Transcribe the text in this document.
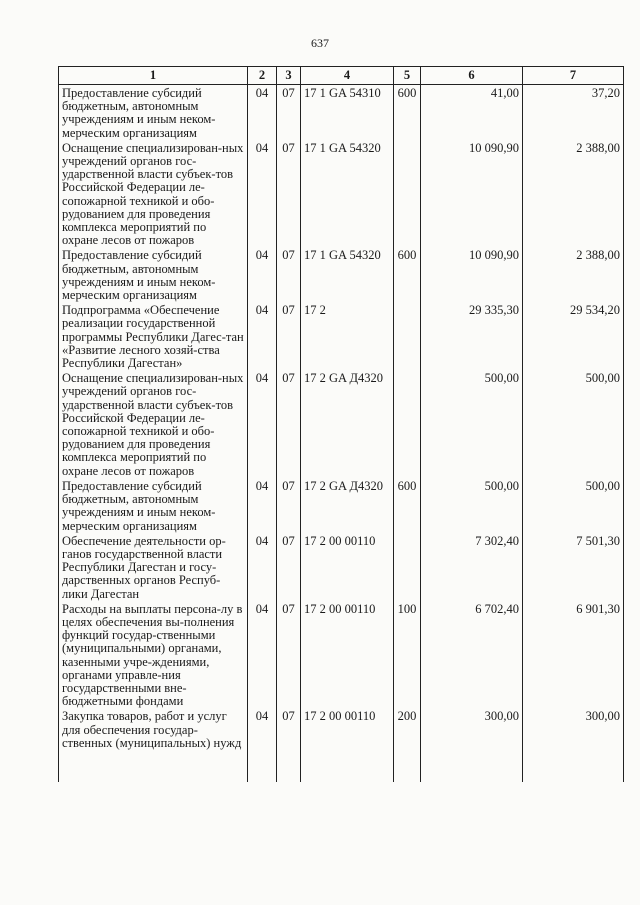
637
1	2	3	4	5	6	7
Предоставление субсидий бюджетным, автономным учреждениям и иным неком-мерческим организациям	04	07	17 1 GA 54310	600	41,00	37,20
Оснащение специализирован-ных учреждений органов гос-ударственной власти субъек-тов Российской Федерации ле-сопожарной техникой и обо-рудованием для проведения комплекса мероприятий по охране лесов от пожаров	04	07	17 1 GA 54320		10 090,90	2 388,00
Предоставление субсидий бюджетным, автономным учреждениям и иным неком-мерческим организациям	04	07	17 1 GA 54320	600	10 090,90	2 388,00
Подпрограмма «Обеспечение реализации государственной программы Республики Дагес-тан «Развитие лесного хозяй-ства Республики Дагестан»	04	07	17 2		29 335,30	29 534,20
Оснащение специализирован-ных учреждений органов гос-ударственной власти субъек-тов Российской Федерации ле-сопожарной техникой и обо-рудованием для проведения комплекса мероприятий по охране лесов от пожаров	04	07	17 2 GA Д4320		500,00	500,00
Предоставление субсидий бюджетным, автономным учреждениям и иным неком-мерческим организациям	04	07	17 2 GA Д4320	600	500,00	500,00
Обеспечение деятельности ор-ганов государственной власти Республики Дагестан и госу-дарственных органов Респуб-лики Дагестан	04	07	17 2 00 00110		7 302,40	7 501,30
Расходы на выплаты персона-лу в целях обеспечения вы-полнения функций государ-ственными (муниципальными) органами, казенными учре-ждениями, органами управле-ния государственными вне-бюджетными фондами	04	07	17 2 00 00110	100	6 702,40	6 901,30
Закупка товаров, работ и услуг для обеспечения государ-ственных (муниципальных) нужд	04	07	17 2 00 00110	200	300,00	300,00
